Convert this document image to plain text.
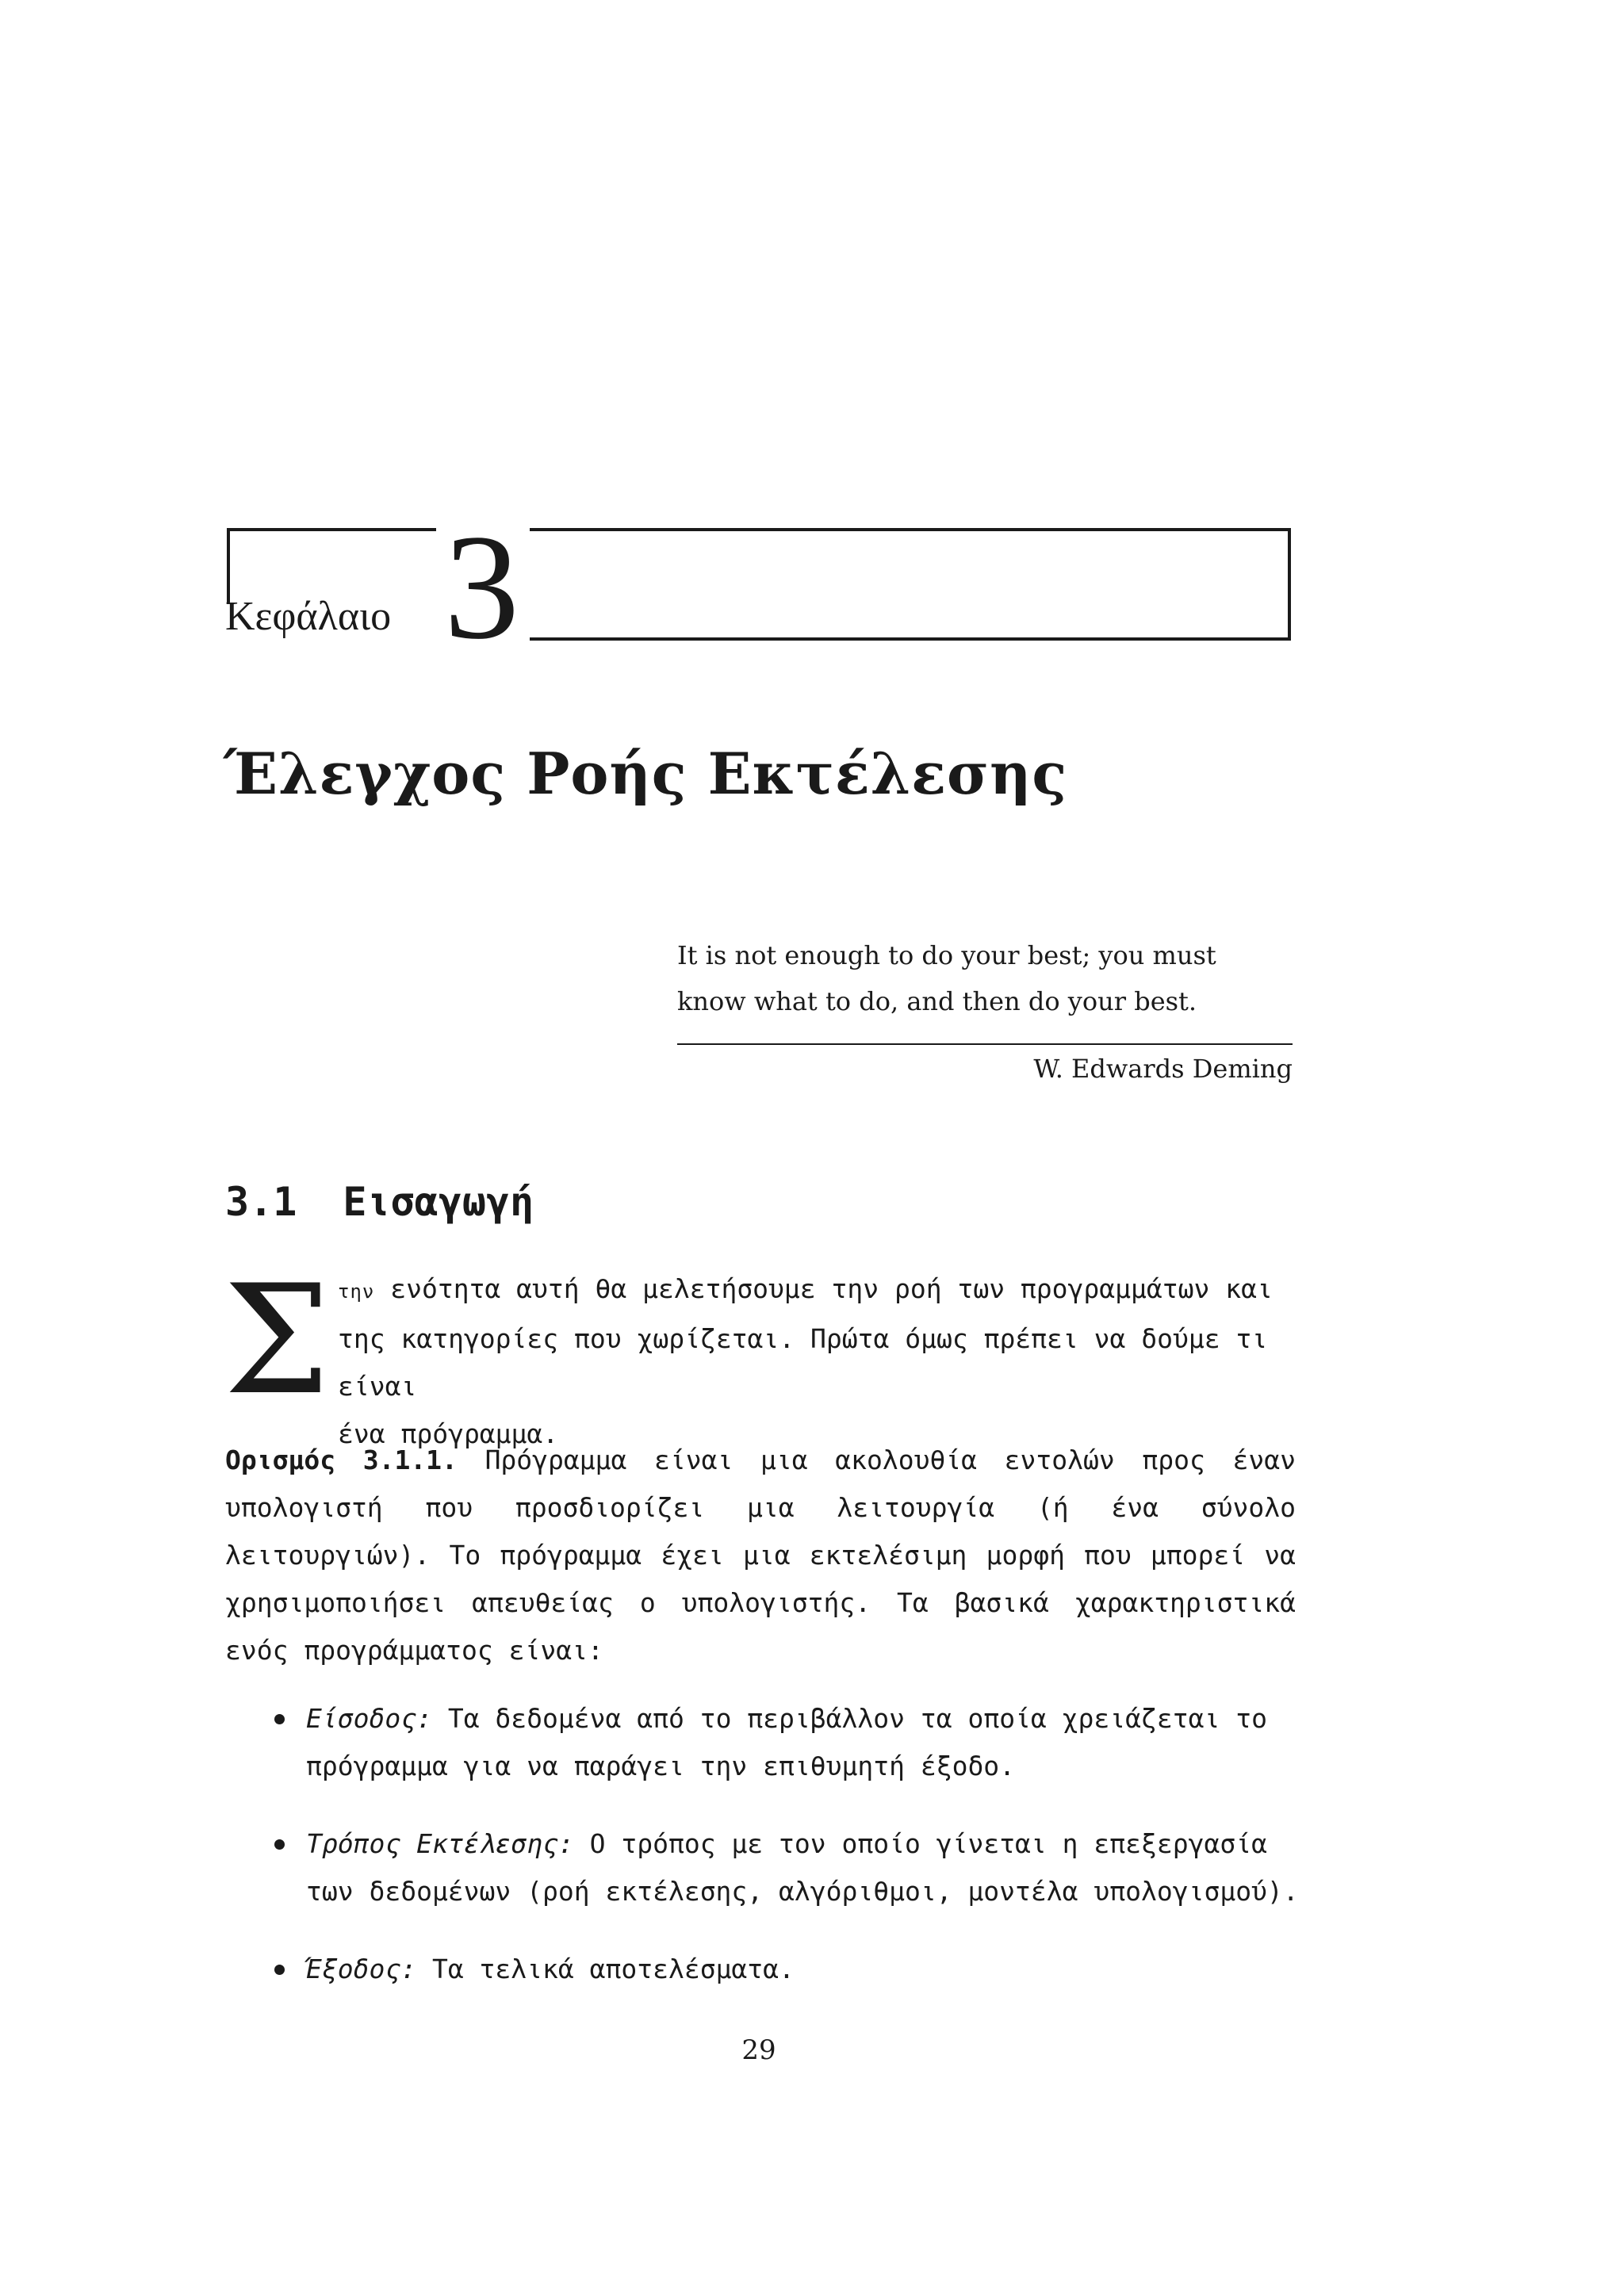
Κεφάλαιο 3
Έλεγχος Ροής Εκτέλεσης
It is not enough to do your best; you must
know what to do, and then do your best.
W. Edwards Deming
3.1 Εισαγωγή
Σ την ενότητα αυτή θα μελετήσουμε την ροή των προγραμμάτων και
της κατηγορίες που χωρίζεται. Πρώτα όμως πρέπει να δούμε τι είναι
ένα πρόγραμμα.

Ορισμός 3.1.1. Πρόγραμμα είναι μια ακολουθία εντολών προς έναν υπολογιστή που προσδιορίζει μια λειτουργία (ή ένα σύνολο λειτουργιών). Το πρόγραμμα έχει μια εκτελέσιμη μορφή που μπορεί να χρησιμοποιήσει απευθείας ο υπολογιστής. Τα βασικά χαρακτηριστικά ενός προγράμματος είναι:

Είσοδος: Τα δεδομένα από το περιβάλλον τα οποία χρειάζεται το πρόγραμμα για να παράγει την επιθυμητή έξοδο.
Τρόπος Εκτέλεσης: Ο τρόπος με τον οποίο γίνεται η επεξεργασία των δεδομένων (ροή εκτέλεσης, αλγόριθμοι, μοντέλα υπολογισμού).
Έξοδος: Τα τελικά αποτελέσματα.
29
